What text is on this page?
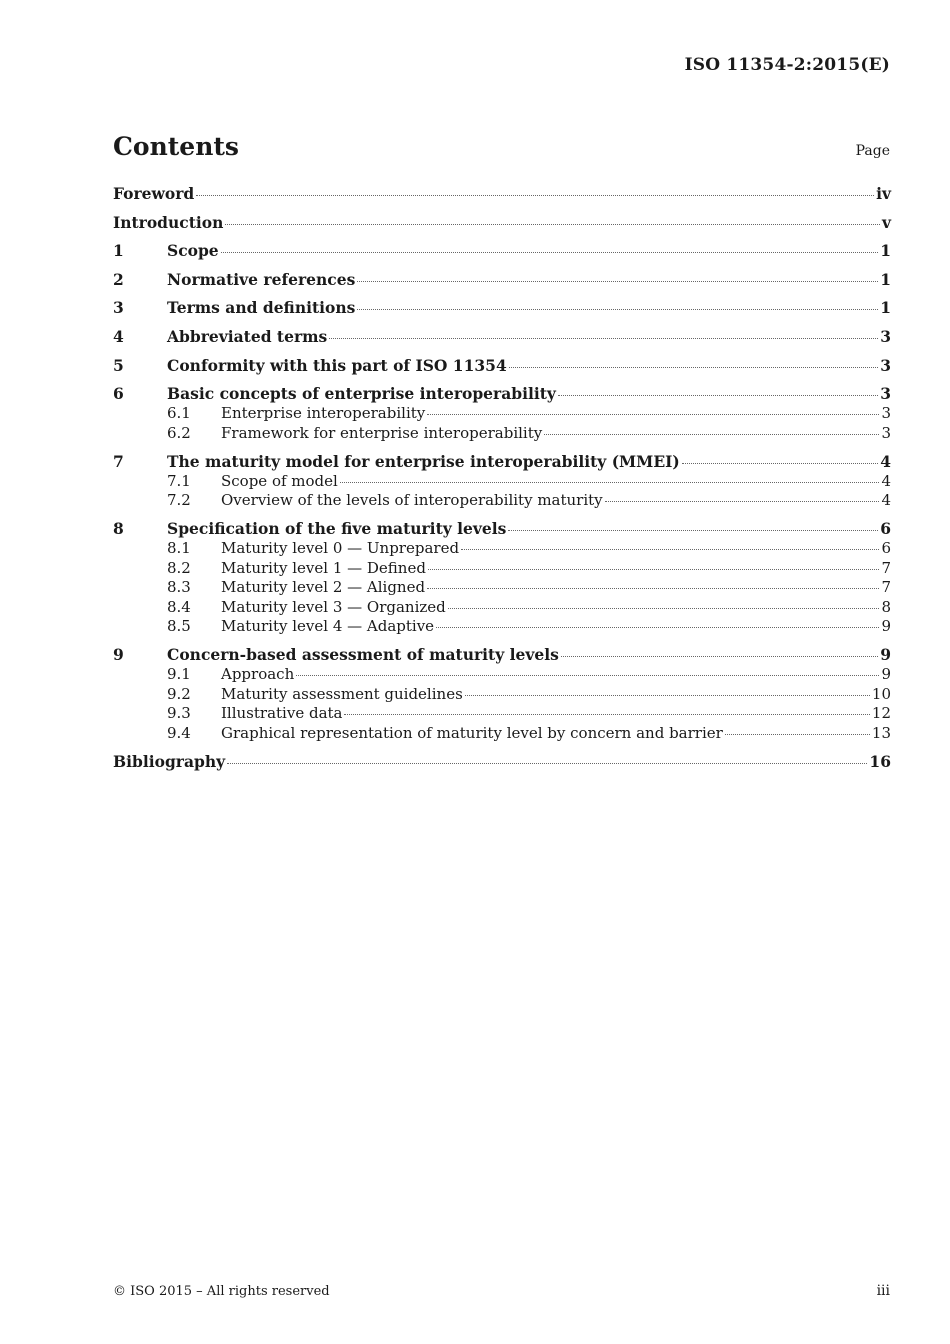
ISO 11354-2:2015(E)
Contents	Page
Foreword	iv
Introduction	v
1	Scope	1
2	Normative references	1
3	Terms and definitions	1
4	Abbreviated terms	3
5	Conformity with this part of ISO 11354	3
6	Basic concepts of enterprise interoperability	3
6.1	Enterprise interoperability	3
6.2	Framework for enterprise interoperability	3
7	The maturity model for enterprise interoperability (MMEI)	4
7.1	Scope of model	4
7.2	Overview of the levels of interoperability maturity	4
8	Specification of the five maturity levels	6
8.1	Maturity level 0 — Unprepared	6
8.2	Maturity level 1 — Defined	7
8.3	Maturity level 2 — Aligned	7
8.4	Maturity level 3 — Organized	8
8.5	Maturity level 4 — Adaptive	9
9	Concern-based assessment of maturity levels	9
9.1	Approach	9
9.2	Maturity assessment guidelines	10
9.3	Illustrative data	12
9.4	Graphical representation of maturity level by concern and barrier	13
Bibliography	16
© ISO 2015 – All rights reserved	iii
